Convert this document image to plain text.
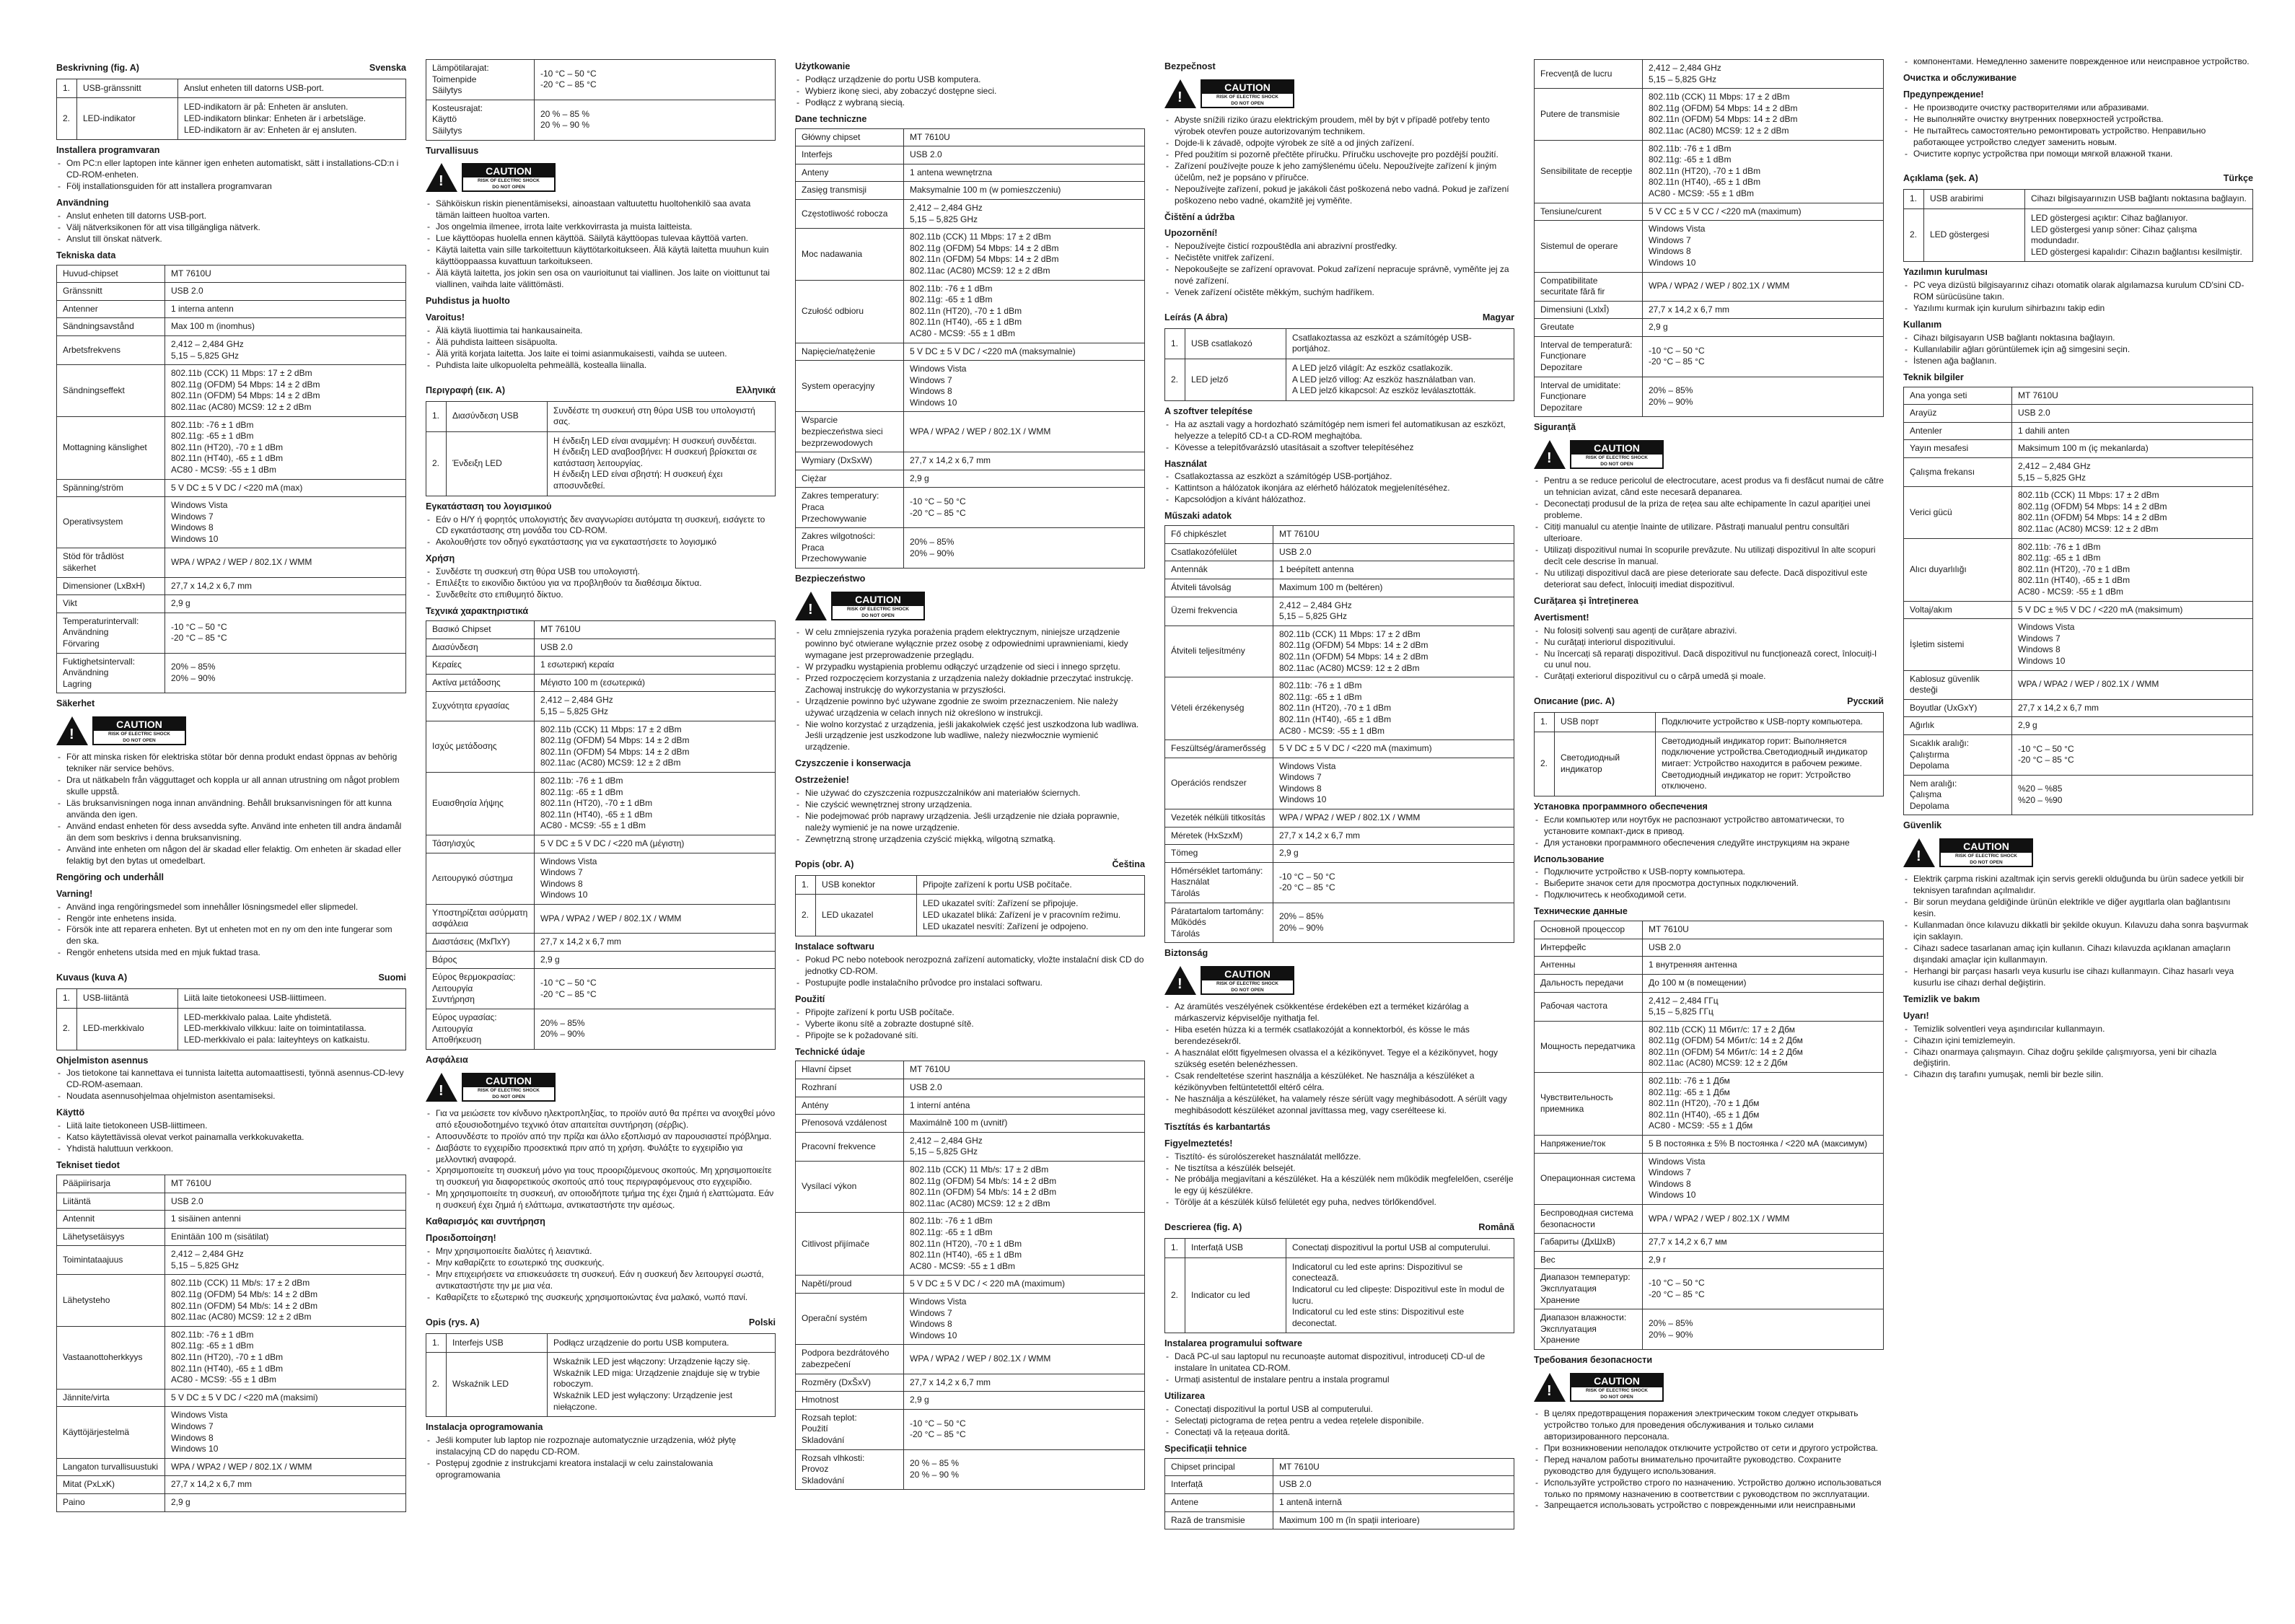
Beskrivning (fig. A)	Svenska
1.	USB-gränssnitt	Anslut enheten till datorns USB-port.
2.	LED-indikator	LED-indikatorn är på: Enheten är ansluten.
LED-indikatorn blinkar: Enheten är i arbetsläge.
LED-indikatorn är av: Enheten är ej ansluten.
Installera programvaran
- Om PC:n eller laptopen inte känner igen enheten automatiskt, sätt i installations-CD:n i CD-ROM-enheten.
- Följ installationsguiden för att installera programvaran
Användning
- Anslut enheten till datorns USB-port.
- Välj nätverksikonen för att visa tillgängliga nätverk.
- Anslut till önskat nätverk.
Tekniska data
Huvud-chipset	MT 7610U
Gränssnitt	USB 2.0
Antenner	1 interna antenn
Sändningsavstånd	Max 100 m (inomhus)
Arbetsfrekvens	2,412 – 2,484 GHz
5,15 – 5,825 GHz
Sändningseffekt	802.11b (CCK) 11 Mbps: 17 ± 2 dBm
802.11g (OFDM) 54 Mbps: 14 ± 2 dBm
802.11n (OFDM) 54 Mbps: 14 ± 2 dBm
802.11ac (AC80) MCS9: 12 ± 2 dBm
Mottagning känslighet	802.11b: -76 ± 1 dBm
802.11g: -65 ± 1 dBm
802.11n (HT20), -70 ± 1 dBm
802.11n (HT40), -65 ± 1 dBm
AC80 - MCS9: -55 ± 1 dBm
Spänning/ström	5 V DC ± 5 V DC / <220 mA (max)
Operativsystem	Windows Vista
Windows 7
Windows 8
Windows 10
Stöd för trådlöst säkerhet	WPA / WPA2 / WEP / 802.1X / WMM
Dimensioner (LxBxH)	27,7 x 14,2 x 6,7 mm
Vikt	2,9 g
Temperaturintervall:
Användning
Förvaring	-10 °C – 50 °C
-20 °C – 85 °C
Fuktighetsintervall:
Användning
Lagring	20% – 85%
20% – 90%
Säkerhet
!
CAUTION
RISK OF ELECTRIC SHOCK
DO NOT OPEN
- För att minska risken för elektriska stötar bör denna produkt endast öppnas av behörig tekniker när service behövs.
- Dra ut nätkabeln från vägguttaget och koppla ur all annan utrustning om något problem skulle uppstå.
- Läs bruksanvisningen noga innan användning. Behåll bruksanvisningen för att kunna använda den igen.
- Använd endast enheten för dess avsedda syfte. Använd inte enheten till andra ändamål än dem som beskrivs i denna bruksanvisning.
- Använd inte enheten om någon del är skadad eller felaktig. Om enheten är skadad eller felaktig byt den bytas ut omedelbart.
Rengöring och underhåll
Varning!
- Använd inga rengöringsmedel som innehåller lösningsmedel eller slipmedel.
- Rengör inte enhetens insida.
- Försök inte att reparera enheten. Byt ut enheten mot en ny om den inte fungerar som den ska.
- Rengör enhetens utsida med en mjuk fuktad trasa.
Kuvaus (kuva A)	Suomi
1.	USB-liitäntä	Liitä laite tietokoneesi USB-liittimeen.
2.	LED-merkkivalo	LED-merkkivalo palaa. Laite yhdistetä.
LED-merkkivalo vilkkuu: laite on toimintatilassa.
LED-merkkivalo ei pala: laiteyhteys on katkaistu.
Ohjelmiston asennus
- Jos tietokone tai kannettava ei tunnista laitetta automaattisesti, työnnä asennus-CD-levy CD-ROM-asemaan.
- Noudata asennusohjelmaa ohjelmiston asentamiseksi.
Käyttö
- Liitä laite tietokoneen USB-liittimeen.
- Katso käytettävissä olevat verkot painamalla verkkokuvaketta.
- Yhdistä haluttuun verkkoon.
Tekniset tiedot
Pääpiirisarja	MT 7610U
Liitäntä	USB 2.0
Antennit	1 sisäinen antenni
Lähetysetäisyys	Enintään 100 m (sisätilat)
Toimintataajuus	2,412 – 2,484 GHz
5,15 – 5,825 GHz
Lähetysteho	802.11b (CCK) 11 Mb/s: 17 ± 2 dBm
802.11g (OFDM) 54 Mb/s: 14 ± 2 dBm
802.11n (OFDM) 54 Mb/s: 14 ± 2 dBm
802.11ac (AC80) MCS9: 12 ± 2 dBm
Vastaanottoherkkyys	802.11b: -76 ± 1 dBm
802.11g: -65 ± 1 dBm
802.11n (HT20), -70 ± 1 dBm
802.11n (HT40), -65 ± 1 dBm
AC80 - MCS9: -55 ± 1 dBm
Jännite/virta	5 V DC ± 5 V DC / <220 mA (maksimi)
Käyttöjärjestelmä	Windows Vista
Windows 7
Windows 8
Windows 10
Langaton turvallisuustuki	WPA / WPA2 / WEP / 802.1X / WMM
Mitat (PxLxK)	27,7 x 14,2 x 6,7 mm
Paino	2,9 g
Lämpötilarajat:
Toimenpide
Säilytys	-10 °C – 50 °C
-20 °C – 85 °C
Kosteusrajat:
Käyttö
Säilytys	20 % – 85 %
20 % – 90 %
Turvallisuus
!
CAUTION
RISK OF ELECTRIC SHOCK
DO NOT OPEN
- Sähköiskun riskin pienentämiseksi, ainoastaan valtuutettu huoltohenkilö saa avata tämän laitteen huoltoa varten.
- Jos ongelmia ilmenee, irrota laite verkkovirrasta ja muista laitteista.
- Lue käyttöopas huolella ennen käyttöä. Säilytä käyttöopas tulevaa käyttöä varten.
- Käytä laitetta vain sille tarkoitettuun käyttötarkoitukseen. Älä käytä laitetta muuhun kuin käyttöoppaassa kuvattuun tarkoitukseen.
- Älä käytä laitetta, jos jokin sen osa on vaurioitunut tai viallinen. Jos laite on vioittunut tai viallinen, vaihda laite välittömästi.
Puhdistus ja huolto
Varoitus!
- Älä käytä liuottimia tai hankausaineita.
- Älä puhdista laitteen sisäpuolta.
- Älä yritä korjata laitetta. Jos laite ei toimi asianmukaisesti, vaihda se uuteen.
- Puhdista laite ulkopuolelta pehmeällä, kostealla liinalla.
Περιγραφή (εικ. A)	Ελληνικά
1.	Διασύνδεση USB	Συνδέστε τη συσκευή στη θύρα USB του υπολογιστή σας.
2.	Ένδειξη LED	Η ένδειξη LED είναι αναμμένη: Η συσκευή συνδέεται.
Η ένδειξη LED αναβοσβήνει: Η συσκευή βρίσκεται σε κατάσταση λειτουργίας.
Η ένδειξη LED είναι σβηστή: Η συσκευή έχει αποσυνδεθεί.
Εγκατάσταση του λογισμικού
- Εάν ο Η/Υ ή φορητός υπολογιστής δεν αναγνωρίσει αυτόματα τη συσκευή, εισάγετε το CD εγκατάστασης στη μονάδα του CD-ROM.
- Ακολουθήστε τον οδηγό εγκατάστασης για να εγκαταστήσετε το λογισμικό
Χρήση
- Συνδέστε τη συσκευή στη θύρα USB του υπολογιστή.
- Επιλέξτε το εικονίδιο δικτύου για να προβληθούν τα διαθέσιμα δίκτυα.
- Συνδεθείτε στο επιθυμητό δίκτυο.
Τεχνικά χαρακτηριστικά
Βασικό Chipset	MT 7610U
Διασύνδεση	USB 2.0
Κεραίες	1 εσωτερική κεραία
Ακτίνα μετάδοσης	Μέγιστο 100 m (εσωτερικά)
Συχνότητα εργασίας	2,412 – 2,484 GHz
5,15 – 5,825 GHz
Ισχύς μετάδοσης	802.11b (CCK) 11 Mbps: 17 ± 2 dBm
802.11g (OFDM) 54 Mbps: 14 ± 2 dBm
802.11n (OFDM) 54 Mbps: 14 ± 2 dBm
802.11ac (AC80) MCS9: 12 ± 2 dBm
Ευαισθησία λήψης	802.11b: -76 ± 1 dBm
802.11g: -65 ± 1 dBm
802.11n (HT20), -70 ± 1 dBm
802.11n (HT40), -65 ± 1 dBm
AC80 - MCS9: -55 ± 1 dBm
Τάση/ισχύς	5 V DC ± 5 V DC / <220 mA (μέγιστη)
Λειτουργικό σύστημα	Windows Vista
Windows 7
Windows 8
Windows 10
Υποστηρίζεται ασύρματη ασφάλεια	WPA / WPA2 / WEP / 802.1X / WMM
Διαστάσεις (ΜxΠxΥ)	27,7 x 14,2 x 6,7 mm
Βάρος	2,9 g
Εύρος θερμοκρασίας:
Λειτουργία
Συντήρηση	-10 °C – 50 °C
-20 °C – 85 °C
Εύρος υγρασίας:
Λειτουργία
Αποθήκευση	20% – 85%
20% – 90%
Ασφάλεια
!
CAUTION
RISK OF ELECTRIC SHOCK
DO NOT OPEN
- Για να μειώσετε τον κίνδυνο ηλεκτροπληξίας, το προϊόν αυτό θα πρέπει να ανοιχθεί μόνο από εξουσιοδοτημένο τεχνικό όταν απαιτείται συντήρηση (σέρβις).
- Αποσυνδέστε το προϊόν από την πρίζα και άλλο εξοπλισμό αν παρουσιαστεί πρόβλημα.
- Διαβάστε το εγχειρίδιο προσεκτικά πριν από τη χρήση. Φυλάξτε το εγχειρίδιο για μελλοντική αναφορά.
- Χρησιμοποιείτε τη συσκευή μόνο για τους προοριζόμενους σκοπούς. Μη χρησιμοποιείτε τη συσκευή για διαφορετικούς σκοπούς από τους περιγραφόμενους στο εγχειρίδιο.
- Μη χρησιμοποιείτε τη συσκευή, αν οποιοδήποτε τμήμα της έχει ζημιά ή ελαττώματα. Εάν η συσκευή έχει ζημιά ή ελάττωμα, αντικαταστήστε την αμέσως.
Καθαρισμός και συντήρηση
Προειδοποίηση!
- Μην χρησιμοποιείτε διαλύτες ή λειαντικά.
- Μην καθαρίζετε το εσωτερικό της συσκευής.
- Μην επιχειρήσετε να επισκευάσετε τη συσκευή. Εάν η συσκευή δεν λειτουργεί σωστά, αντικαταστήστε την με μια νέα.
- Καθαρίζετε το εξωτερικό της συσκευής χρησιμοποιώντας ένα μαλακό, νωπό πανί.
Opis (rys. A)	Polski
1.	Interfejs USB	Podłącz urządzenie do portu USB komputera.
2.	Wskaźnik LED	Wskaźnik LED jest włączony: Urządzenie łączy się.
Wskaźnik LED miga: Urządzenie znajduje się w trybie roboczym.
Wskaźnik LED jest wyłączony: Urządzenie jest niełączone.
Instalacja oprogramowania
- Jeśli komputer lub laptop nie rozpoznaje automatycznie urządzenia, włóż płytę instalacyjną CD do napędu CD-ROM.
- Postępuj zgodnie z instrukcjami kreatora instalacji w celu zainstalowania oprogramowania
Użytkowanie
- Podłącz urządzenie do portu USB komputera.
- Wybierz ikonę sieci, aby zobaczyć dostępne sieci.
- Podłącz z wybraną siecią.
Dane techniczne
Główny chipset	MT 7610U
Interfejs	USB 2.0
Anteny	1 antena wewnętrzna
Zasięg transmisji	Maksymalnie 100 m (w pomieszczeniu)
Częstotliwość robocza	2,412 – 2,484 GHz
5,15 – 5,825 GHz
Moc nadawania	802.11b (CCK) 11 Mbps: 17 ± 2 dBm
802.11g (OFDM) 54 Mbps: 14 ± 2 dBm
802.11n (OFDM) 54 Mbps: 14 ± 2 dBm
802.11ac (AC80) MCS9: 12 ± 2 dBm
Czułość odbioru	802.11b: -76 ± 1 dBm
802.11g: -65 ± 1 dBm
802.11n (HT20), -70 ± 1 dBm
802.11n (HT40), -65 ± 1 dBm
AC80 - MCS9: -55 ± 1 dBm
Napięcie/natężenie	5 V DC ± 5 V DC / <220 mA (maksymalnie)
System operacyjny	Windows Vista
Windows 7
Windows 8
Windows 10
Wsparcie bezpieczeństwa sieci bezprzewodowych	WPA / WPA2 / WEP / 802.1X / WMM
Wymiary (DxSxW)	27,7 x 14,2 x 6,7 mm
Ciężar	2,9 g
Zakres temperatury:
Praca
Przechowywanie	-10 °C – 50 °C
-20 °C – 85 °C
Zakres wilgotności:
Praca
Przechowywanie	20% – 85%
20% – 90%
Bezpieczeństwo
!
CAUTION
RISK OF ELECTRIC SHOCK
DO NOT OPEN
- W celu zmniejszenia ryzyka porażenia prądem elektrycznym, niniejsze urządzenie powinno być otwierane wyłącznie przez osobę z odpowiednimi uprawnieniami, kiedy wymagane jest przeprowadzenie przeglądu.
- W przypadku wystąpienia problemu odłączyć urządzenie od sieci i innego sprzętu.
- Przed rozpoczęciem korzystania z urządzenia należy dokładnie przeczytać instrukcję. Zachowaj instrukcję do wykorzystania w przyszłości.
- Urządzenie powinno być używane zgodnie ze swoim przeznaczeniem. Nie należy używać urządzenia w celach innych niż określono w instrukcji.
- Nie wolno korzystać z urządzenia, jeśli jakakolwiek część jest uszkodzona lub wadliwa. Jeśli urządzenie jest uszkodzone lub wadliwe, należy niezwłocznie wymienić urządzenie.
Czyszczenie i konserwacja
Ostrzeżenie!
- Nie używać do czyszczenia rozpuszczalników ani materiałów ściernych.
- Nie czyścić wewnętrznej strony urządzenia.
- Nie podejmować prób naprawy urządzenia. Jeśli urządzenie nie działa poprawnie, należy wymienić je na nowe urządzenie.
- Zewnętrzną stronę urządzenia czyścić miękką, wilgotną szmatką.
Popis (obr. A)	Čeština
1.	USB konektor	Připojte zařízení k portu USB počítače.
2.	LED ukazatel	LED ukazatel svítí: Zařízení se připojuje.
LED ukazatel bliká: Zařízení je v pracovním režimu.
LED ukazatel nesvítí: Zařízení je odpojeno.
Instalace softwaru
- Pokud PC nebo notebook nerozpozná zařízení automaticky, vložte instalační disk CD do jednotky CD-ROM.
- Postupujte podle instalačního průvodce pro instalaci softwaru.
Použití
- Připojte zařízení k portu USB počítače.
- Vyberte ikonu sítě a zobrazte dostupné sítě.
- Připojte se k požadované síti.
Technické údaje
Hlavní čipset	MT 7610U
Rozhraní	USB 2.0
Antény	1 interní anténa
Přenosová vzdálenost	Maximálně 100 m (uvnitř)
Pracovní frekvence	2,412 – 2,484 GHz
5,15 – 5,825 GHz
Vysílací výkon	802.11b (CCK) 11 Mb/s: 17 ± 2 dBm
802.11g (OFDM) 54 Mb/s: 14 ± 2 dBm
802.11n (OFDM) 54 Mb/s: 14 ± 2 dBm
802.11ac (AC80) MCS9: 12 ± 2 dBm
Citlivost přijímače	802.11b: -76 ± 1 dBm
802.11g: -65 ± 1 dBm
802.11n (HT20), -70 ± 1 dBm
802.11n (HT40), -65 ± 1 dBm
AC80 - MCS9: -55 ± 1 dBm
Napětí/proud	5 V DC ± 5 V DC / < 220 mA (maximum)
Operační systém	Windows Vista
Windows 7
Windows 8
Windows 10
Podpora bezdrátového zabezpečení	WPA / WPA2 / WEP / 802.1X / WMM
Rozměry (DxŠxV)	27,7 x 14,2 x 6,7 mm
Hmotnost	2,9 g
Rozsah teplot:
Použití
Skladování	-10 °C – 50 °C
-20 °C – 85 °C
Rozsah vlhkosti:
Provoz
Skladování	20 % – 85 %
20 % – 90 %
Bezpečnost
!
CAUTION
RISK OF ELECTRIC SHOCK
DO NOT OPEN
- Abyste snížili riziko úrazu elektrickým proudem, měl by být v případě potřeby tento výrobek otevřen pouze autorizovaným technikem.
- Dojde-li k závadě, odpojte výrobek ze sítě a od jiných zařízení.
- Před použitím si pozorně přečtěte příručku. Příručku uschovejte pro pozdější použití.
- Zařízení používejte pouze k jeho zamýšlenému účelu. Nepoužívejte zařízení k jiným účelům, než je popsáno v příručce.
- Nepoužívejte zařízení, pokud je jakákoli část poškozená nebo vadná. Pokud je zařízení poškozeno nebo vadné, okamžitě jej vyměňte.
Čištění a údržba
Upozornění!
- Nepoužívejte čisticí rozpouštědla ani abrazivní prostředky.
- Nečistěte vnitřek zařízení.
- Nepokoušejte se zařízení opravovat. Pokud zařízení nepracuje správně, vyměňte jej za nové zařízení.
- Venek zařízení očistěte měkkým, suchým hadříkem.
Leírás (A ábra)	Magyar
1.	USB csatlakozó	Csatlakoztassa az eszközt a számítógép USB-portjához.
2.	LED jelző	A LED jelző világít: Az eszköz csatlakozik.
A LED jelző villog: Az eszköz használatban van.
A LED jelző kikapcsol: Az eszköz leválasztották.
A szoftver telepítése
- Ha az asztali vagy a hordozható számítógép nem ismeri fel automatikusan az eszközt, helyezze a telepítő CD-t a CD-ROM meghajtóba.
- Kövesse a telepítővarázsló utasításait a szoftver telepítéséhez
Használat
- Csatlakoztassa az eszközt a számítógép USB-portjához.
- Kattintson a hálózatok ikonjára az elérhető hálózatok megjelenítéséhez.
- Kapcsolódjon a kívánt hálózathoz.
Műszaki adatok
Fő chipkészlet	MT 7610U
Csatlakozófelület	USB 2.0
Antennák	1 beépített antenna
Átviteli távolság	Maximum 100 m (beltéren)
Üzemi frekvencia	2,412 – 2,484 GHz
5,15 – 5,825 GHz
Átviteli teljesítmény	802.11b (CCK) 11 Mbps: 17 ± 2 dBm
802.11g (OFDM) 54 Mbps: 14 ± 2 dBm
802.11n (OFDM) 54 Mbps: 14 ± 2 dBm
802.11ac (AC80) MCS9: 12 ± 2 dBm
Vételi érzékenység	802.11b: -76 ± 1 dBm
802.11g: -65 ± 1 dBm
802.11n (HT20), -70 ± 1 dBm
802.11n (HT40), -65 ± 1 dBm
AC80 - MCS9: -55 ± 1 dBm
Feszültség/áramerősség	5 V DC ± 5 V DC / <220 mA (maximum)
Operációs rendszer	Windows Vista
Windows 7
Windows 8
Windows 10
Vezeték nélküli titkosítás	WPA / WPA2 / WEP / 802.1X / WMM
Méretek (HxSzxM)	27,7 x 14,2 x 6,7 mm
Tömeg	2,9 g
Hőmérséklet tartomány:
Használat
Tárolás	-10 °C – 50 °C
-20 °C – 85 °C
Páratartalom tartomány:
Működés
Tárolás	20% – 85%
20% – 90%
Biztonság
!
CAUTION
RISK OF ELECTRIC SHOCK
DO NOT OPEN
- Az áramütés veszélyének csökkentése érdekében ezt a terméket kizárólag a márkaszerviz képviselője nyithatja fel.
- Hiba esetén húzza ki a termék csatlakozóját a konnektorból, és kösse le más berendezésekről.
- A használat előtt figyelmesen olvassa el a kézikönyvet. Tegye el a kézikönyvet, hogy szükség esetén belenézhessen.
- Csak rendeltetése szerint használja a készüléket. Ne használja a készüléket a kézikönyvben feltüntetettől eltérő célra.
- Ne használja a készüléket, ha valamely része sérült vagy meghibásodott. A sérült vagy meghibásodott készüléket azonnal javíttassa meg, vagy cserélteese ki.
Tisztítás és karbantartás
Figyelmeztetés!
- Tisztító- és súrolószereket használatát mellőzze.
- Ne tisztítsa a készülék belsejét.
- Ne próbálja megjavítani a készüléket. Ha a készülék nem működik megfelelően, cserélje le egy új készülékre.
- Törölje át a készülék külső felületét egy puha, nedves törlőkendővel.
Descrierea (fig. A)	Română
1.	Interfață USB	Conectați dispozitivul la portul USB al computerului.
2.	Indicator cu led	Indicatorul cu led este aprins: Dispozitivul se conectează.
Indicatorul cu led clipește: Dispozitivul este în modul de lucru.
Indicatorul cu led este stins: Dispozitivul este deconectat.
Instalarea programului software
- Dacă PC-ul sau laptopul nu recunoaște automat dispozitivul, introduceți CD-ul de instalare în unitatea CD-ROM.
- Urmați asistentul de instalare pentru a instala programul
Utilizarea
- Conectați dispozitivul la portul USB al computerului.
- Selectați pictograma de rețea pentru a vedea rețelele disponibile.
- Conectați vă la rețeaua dorită.
Specificații tehnice
Chipset principal	MT 7610U
Interfață	USB 2.0
Antene	1 antenă internă
Rază de transmisie	Maximum 100 m (în spații interioare)
Frecvență de lucru	2,412 – 2,484 GHz
5,15 – 5,825 GHz
Putere de transmisie	802.11b (CCK) 11 Mbps: 17 ± 2 dBm
802.11g (OFDM) 54 Mbps: 14 ± 2 dBm
802.11n (OFDM) 54 Mbps: 14 ± 2 dBm
802.11ac (AC80) MCS9: 12 ± 2 dBm
Sensibilitate de recepție	802.11b: -76 ± 1 dBm
802.11g: -65 ± 1 dBm
802.11n (HT20), -70 ± 1 dBm
802.11n (HT40), -65 ± 1 dBm
AC80 - MCS9: -55 ± 1 dBm
Tensiune/curent	5 V CC ± 5 V CC / <220 mA (maximum)
Sistemul de operare	Windows Vista
Windows 7
Windows 8
Windows 10
Compatibilitate securitate fără fir	WPA / WPA2 / WEP / 802.1X / WMM
Dimensiuni (LxlxÎ)	27,7 x 14,2 x 6,7 mm
Greutate	2,9 g
Interval de temperatură:
Funcționare
Depozitare	-10 °C – 50 °C
-20 °C – 85 °C
Interval de umiditate:
Funcționare
Depozitare	20% – 85%
20% – 90%
Siguranță
!
CAUTION
RISK OF ELECTRIC SHOCK
DO NOT OPEN
- Pentru a se reduce pericolul de electrocutare, acest produs va fi desfăcut numai de către un tehnician avizat, când este necesară depanarea.
- Deconectați produsul de la priza de rețea sau alte echipamente în cazul apariției unei probleme.
- Citiți manualul cu atenție înainte de utilizare. Păstrați manualul pentru consultări ulterioare.
- Utilizați dispozitivul numai în scopurile prevăzute. Nu utilizați dispozitivul în alte scopuri decît cele descrise în manual.
- Nu utilizați dispozitivul dacă are piese deteriorate sau defecte. Dacă dispozitivul este deteriorat sau defect, înlocuiți imediat dispozitivul.
Curățarea și întreținerea
Avertisment!
- Nu folosiți solvenți sau agenți de curățare abrazivi.
- Nu curățați interiorul dispozitivului.
- Nu încercați să reparați dispozitivul. Dacă dispozitivul nu funcționează corect, înlocuiți-l cu unul nou.
- Curățați exteriorul dispozitivul cu o cârpă umedă și moale.
Описание (рис. A)	Русский
1.	USB порт	Подключите устройство к USB-порту компьютера.
2.	Светодиодный индикатор	Светодиодный индикатор горит: Выполняется подключение устройства.Светодиодный индикатор мигает: Устройство находится в рабочем режиме.
Светодиодный индикатор не горит: Устройство отключено.
Установка программного обеспечения
- Если компьютер или ноутбук не распознают устройство автоматически, то установите компакт-диск в привод.
- Для установки программного обеспечения следуйте инструкциям на экране
Использование
- Подключите устройство к USB-порту компьютера.
- Выберите значок сети для просмотра доступных подключений.
- Подключитесь к необходимой сети.
Технические данные
Основной процессор	MT 7610U
Интерфейс	USB 2.0
Антенны	1 внутренняя антенна
Дальность передачи	До 100 м (в помещении)
Рабочая частота	2,412 – 2,484 ГГц
5,15 – 5,825 ГГц
Мощность передатчика	802.11b (CCK) 11 Мбит/с: 17 ± 2 Дбм
802.11g (OFDM) 54 Мбит/с: 14 ± 2 Дбм
802.11n (OFDM) 54 Мбит/с: 14 ± 2 Дбм
802.11ac (AC80) MCS9: 12 ± 2 Дбм
Чувствительность приемника	802.11b: -76 ± 1 Дбм
802.11g: -65 ± 1 Дбм
802.11n (HT20), -70 ± 1 Дбм
802.11n (HT40), -65 ± 1 Дбм
AC80 - MCS9: -55 ± 1 Дбм
Напряжение/ток	5 В постоянка ± 5% В постоянка / <220 мА (максимум)
Операционная система	Windows Vista
Windows 7
Windows 8
Windows 10
Беспроводная система безопасности	WPA / WPA2 / WEP / 802.1X / WMM
Габариты (ДхШхВ)	27,7 x 14,2 x 6,7 мм
Вес	2,9 г
Диапазон температур:
Эксплуатация
Хранение	-10 °C – 50 °C
-20 °C – 85 °C
Диапазон влажности:
Эксплуатация
Хранение	20% – 85%
20% – 90%
Требования безопасности
!
CAUTION
RISK OF ELECTRIC SHOCK
DO NOT OPEN
- В целях предотвращения поражения электрическим током следует открывать устройство только для проведения обслуживания и только силами авторизированного персонала.
- При возникновении неполадок отключите устройство от сети и другого устройства.
- Перед началом работы внимательно прочитайте руководство. Сохраните руководство для будущего использования.
- Используйте устройство строго по назначению. Устройство должно использоваться только по прямому назначению в соответствии с руководством по эксплуатации.
- Запрещается использовать устройство с поврежденными или неисправными
- компонентами. Немедленно замените поврежденное или неисправное устройство.
Очистка и обслуживание
Предупреждение!
- Не производите очистку растворителями или абразивами.
- Не выполняйте очистку внутренних поверхностей устройства.
- Не пытайтесь самостоятельно ремонтировать устройство. Неправильно работающее устройство следует заменить новым.
- Очистите корпус устройства при помощи мягкой влажной ткани.
Açıklama (şek. A)	Türkçe
1.	USB arabirimi	Cihazı bilgisayarınızın USB bağlantı noktasına bağlayın.
2.	LED göstergesi	LED göstergesi açıktır: Cihaz bağlanıyor.
LED göstergesi yanıp söner: Cihaz çalışma modundadır.
LED göstergesi kapalıdır: Cihazın bağlantısı kesilmiştir.
Yazılımın kurulması
- PC veya dizüstü bilgisayarınız cihazı otomatik olarak algılamazsa kurulum CD'sini CD-ROM sürücüsüne takın.
- Yazılımı kurmak için kurulum sihirbazını takip edin
Kullanım
- Cihazı bilgisayarın USB bağlantı noktasına bağlayın.
- Kullanılabilir ağları görüntülemek için ağ simgesini seçin.
- İstenen ağa bağlanın.
Teknik bilgiler
Ana yonga seti	MT 7610U
Arayüz	USB 2.0
Antenler	1 dahili anten
Yayın mesafesi	Maksimum 100 m (iç mekanlarda)
Çalışma frekansı	2,412 – 2,484 GHz
5,15 – 5,825 GHz
Verici gücü	802.11b (CCK) 11 Mbps: 17 ± 2 dBm
802.11g (OFDM) 54 Mbps: 14 ± 2 dBm
802.11n (OFDM) 54 Mbps: 14 ± 2 dBm
802.11ac (AC80) MCS9: 12 ± 2 dBm
Alıcı duyarlılığı	802.11b: -76 ± 1 dBm
802.11g: -65 ± 1 dBm
802.11n (HT20), -70 ± 1 dBm
802.11n (HT40), -65 ± 1 dBm
AC80 - MCS9: -55 ± 1 dBm
Voltaj/akım	5 V DC ± %5 V DC / <220 mA (maksimum)
İşletim sistemi	Windows Vista
Windows 7
Windows 8
Windows 10
Kablosuz güvenlik desteği	WPA / WPA2 / WEP / 802.1X / WMM
Boyutlar (UxGxY)	27,7 x 14,2 x 6,7 mm
Ağırlık	2,9 g
Sıcaklık aralığı:
Çalıştırma
Depolama	-10 °C – 50 °C
-20 °C – 85 °C
Nem aralığı:
Çalışma
Depolama	%20 – %85
%20 – %90
Güvenlik
!
CAUTION
RISK OF ELECTRIC SHOCK
DO NOT OPEN
- Elektrik çarpma riskini azaltmak için servis gerekli olduğunda bu ürün sadece yetkili bir teknisyen tarafından açılmalıdır.
- Bir sorun meydana geldiğinde ürünün elektrikle ve diğer aygıtlarla olan bağlantısını kesin.
- Kullanmadan önce kılavuzu dikkatli bir şekilde okuyun. Kılavuzu daha sonra başvurmak için saklayın.
- Cihazı sadece tasarlanan amaç için kullanın. Cihazı kılavuzda açıklanan amaçların dışındaki amaçlar için kullanmayın.
- Herhangi bir parçası hasarlı veya kusurlu ise cihazı kullanmayın. Cihaz hasarlı veya kusurlu ise cihazı derhal değiştirin.
Temizlik ve bakım
Uyarı!
- Temizlik solventleri veya aşındırıcılar kullanmayın.
- Cihazın içini temizlemeyin.
- Cihazı onarmaya çalışmayın. Cihaz doğru şekilde çalışmıyorsa, yeni bir cihazla değiştirin.
- Cihazın dış tarafını yumuşak, nemli bir bezle silin.
